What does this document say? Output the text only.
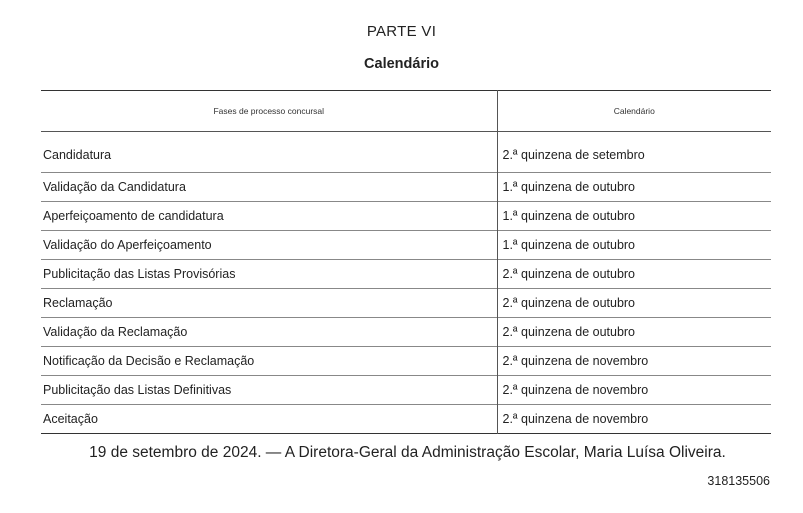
PARTE VI
Calendário
Fases de processo concursal	Calendário
Candidatura	2.ª quinzena de setembro
Validação da Candidatura	1.ª quinzena de outubro
Aperfeiçoamento de candidatura	1.ª quinzena de outubro
Validação do Aperfeiçoamento	1.ª quinzena de outubro
Publicitação das Listas Provisórias	2.ª quinzena de outubro
Reclamação	2.ª quinzena de outubro
Validação da Reclamação	2.ª quinzena de outubro
Notificação da Decisão e Reclamação	2.ª quinzena de novembro
Publicitação das Listas Definitivas	2.ª quinzena de novembro
Aceitação	2.ª quinzena de novembro
19 de setembro de 2024. — A Diretora-Geral da Administração Escolar, Maria Luísa Oliveira.
318135506
